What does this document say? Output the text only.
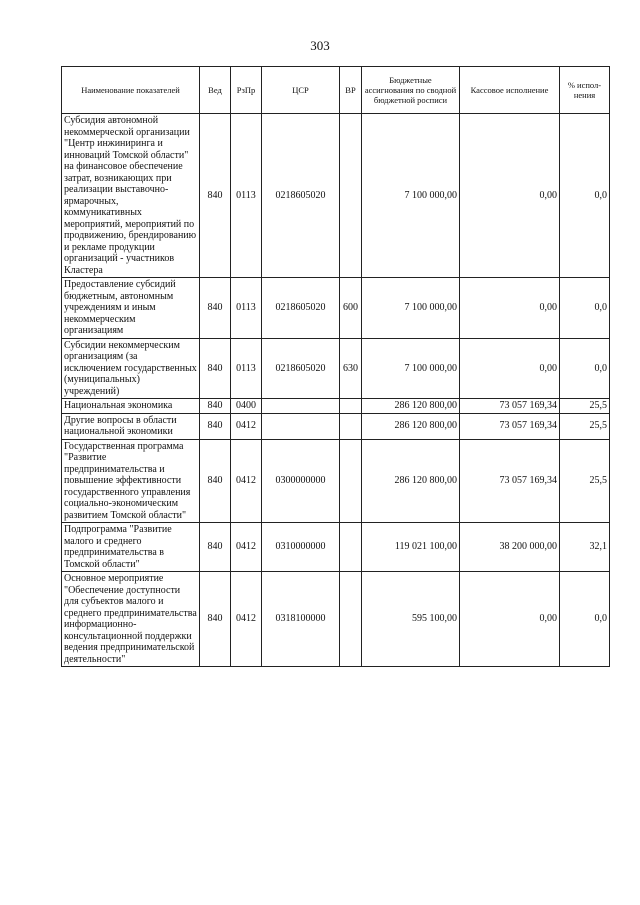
303
Наименование показателей	Вед	РзПр	ЦСР	ВР	Бюджетные ассигнования по сводной бюджетной росписи	Кассовое исполнение	% испол-нения
Субсидия автономной некоммерческой организации "Центр инжиниринга и инноваций Томской области" на финансовое обеспечение затрат, возникающих при реализации выставочно-ярмарочных, коммуникативных мероприятий, мероприятий по продвижению, брендированию и рекламе продукции организаций - участников Кластера	840	0113	0218605020		7 100 000,00	0,00	0,0
Предоставление субсидий бюджетным, автономным учреждениям и иным некоммерческим организациям	840	0113	0218605020	600	7 100 000,00	0,00	0,0
Субсидии некоммерческим организациям (за исключением государственных (муниципальных) учреждений)	840	0113	0218605020	630	7 100 000,00	0,00	0,0
Национальная экономика	840	0400			286 120 800,00	73 057 169,34	25,5
Другие вопросы в области национальной экономики	840	0412			286 120 800,00	73 057 169,34	25,5
Государственная программа "Развитие предпринимательства и повышение эффективности государственного управления социально-экономическим развитием Томской области"	840	0412	0300000000		286 120 800,00	73 057 169,34	25,5
Подпрограмма "Развитие малого и среднего предпринимательства в Томской области"	840	0412	0310000000		119 021 100,00	38 200 000,00	32,1
Основное мероприятие "Обеспечение доступности для субъектов малого и среднего предпринимательства информационно-консультационной поддержки ведения предпринимательской деятельности"	840	0412	0318100000		595 100,00	0,00	0,0
